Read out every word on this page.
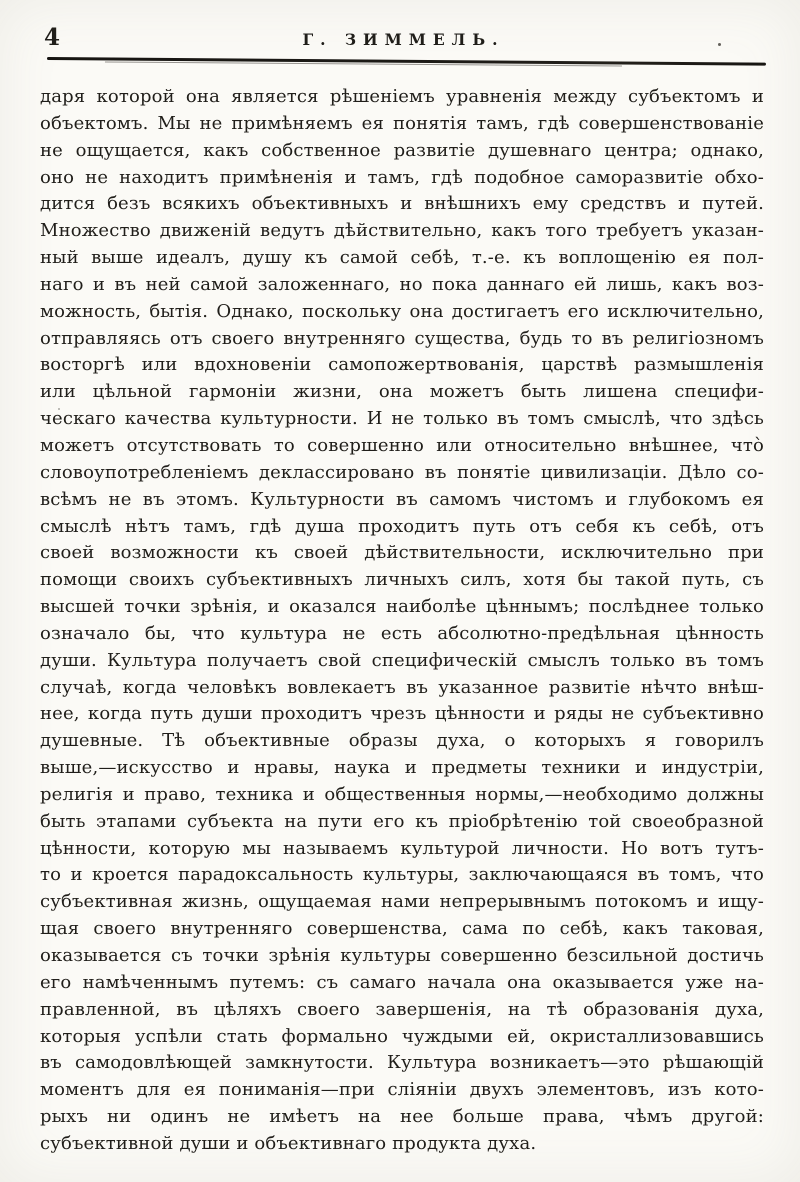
4	Г. ЗИММЕЛЬ.
даря которой она является рѣшеніемъ уравненія между субъектомъ и
объектомъ. Мы не примѣняемъ ея понятія тамъ, гдѣ совершенствованіе
не ощущается, какъ собственное развитіе душевнаго центра; однако,
оно не находитъ примѣненія и тамъ, гдѣ подобное саморазвитіе обхо-
дится безъ всякихъ объективныхъ и внѣшнихъ ему средствъ и путей.
Множество движеній ведутъ дѣйствительно, какъ того требуетъ указан-
ный выше идеалъ, душу къ самой себѣ, т.-е. къ воплощенію ея пол-
наго и въ ней самой заложеннаго, но пока даннаго ей лишь, какъ воз-
можность, бытія. Однако, поскольку она достигаетъ его исключительно,
отправляясь отъ своего внутренняго существа, будь то въ религіозномъ
восторгѣ или вдохновеніи самопожертвованія, царствѣ размышленія
или цѣльной гармоніи жизни, она можетъ быть лишена специфи-
ческаго качества культурности. И не только въ томъ смыслѣ, что здѣсь
можетъ отсутствовать то совершенно или относительно внѣшнее, что̀
словоупотребленіемъ деклассировано въ понятіе цивилизаціи. Дѣло со-
всѣмъ не въ этомъ. Культурности въ самомъ чистомъ и глубокомъ ея
смыслѣ нѣтъ тамъ, гдѣ душа проходитъ путь отъ себя къ себѣ, отъ
своей возможности къ своей дѣйствительности, исключительно при
помощи своихъ субъективныхъ личныхъ силъ, хотя бы такой путь, съ
высшей точки зрѣнія, и оказался наиболѣе цѣннымъ; послѣднее только
означало бы, что культура не есть абсолютно-предѣльная цѣнность
души. Культура получаетъ свой специфическій смыслъ только въ томъ
случаѣ, когда человѣкъ вовлекаетъ въ указанное развитіе нѣчто внѣш-
нее, когда путь души проходитъ чрезъ цѣнности и ряды не субъективно
душевные. Тѣ объективные образы духа, о которыхъ я говорилъ
выше,—искусство и нравы, наука и предметы техники и индустріи,
религія и право, техника и общественныя нормы,—необходимо должны
быть этапами субъекта на пути его къ пріобрѣтенію той своеобразной
цѣнности, которую мы называемъ культурой личности. Но вотъ тутъ-
то и кроется парадоксальность культуры, заключающаяся въ томъ, что
субъективная жизнь, ощущаемая нами непрерывнымъ потокомъ и ищу-
щая своего внутренняго совершенства, сама по себѣ, какъ таковая,
оказывается съ точки зрѣнія культуры совершенно безсильной достичь
его намѣченнымъ путемъ: съ самаго начала она оказывается уже на-
правленной, въ цѣляхъ своего завершенія, на тѣ образованія духа,
которыя успѣли стать формально чуждыми ей, окристаллизовавшись
въ самодовлѣющей замкнутости. Культура возникаетъ—это рѣшающій
моментъ для ея пониманія—при сліяніи двухъ элементовъ, изъ кото-
рыхъ ни одинъ не имѣетъ на нее больше права, чѣмъ другой:
субъективной души и объективнаго продукта духа.
